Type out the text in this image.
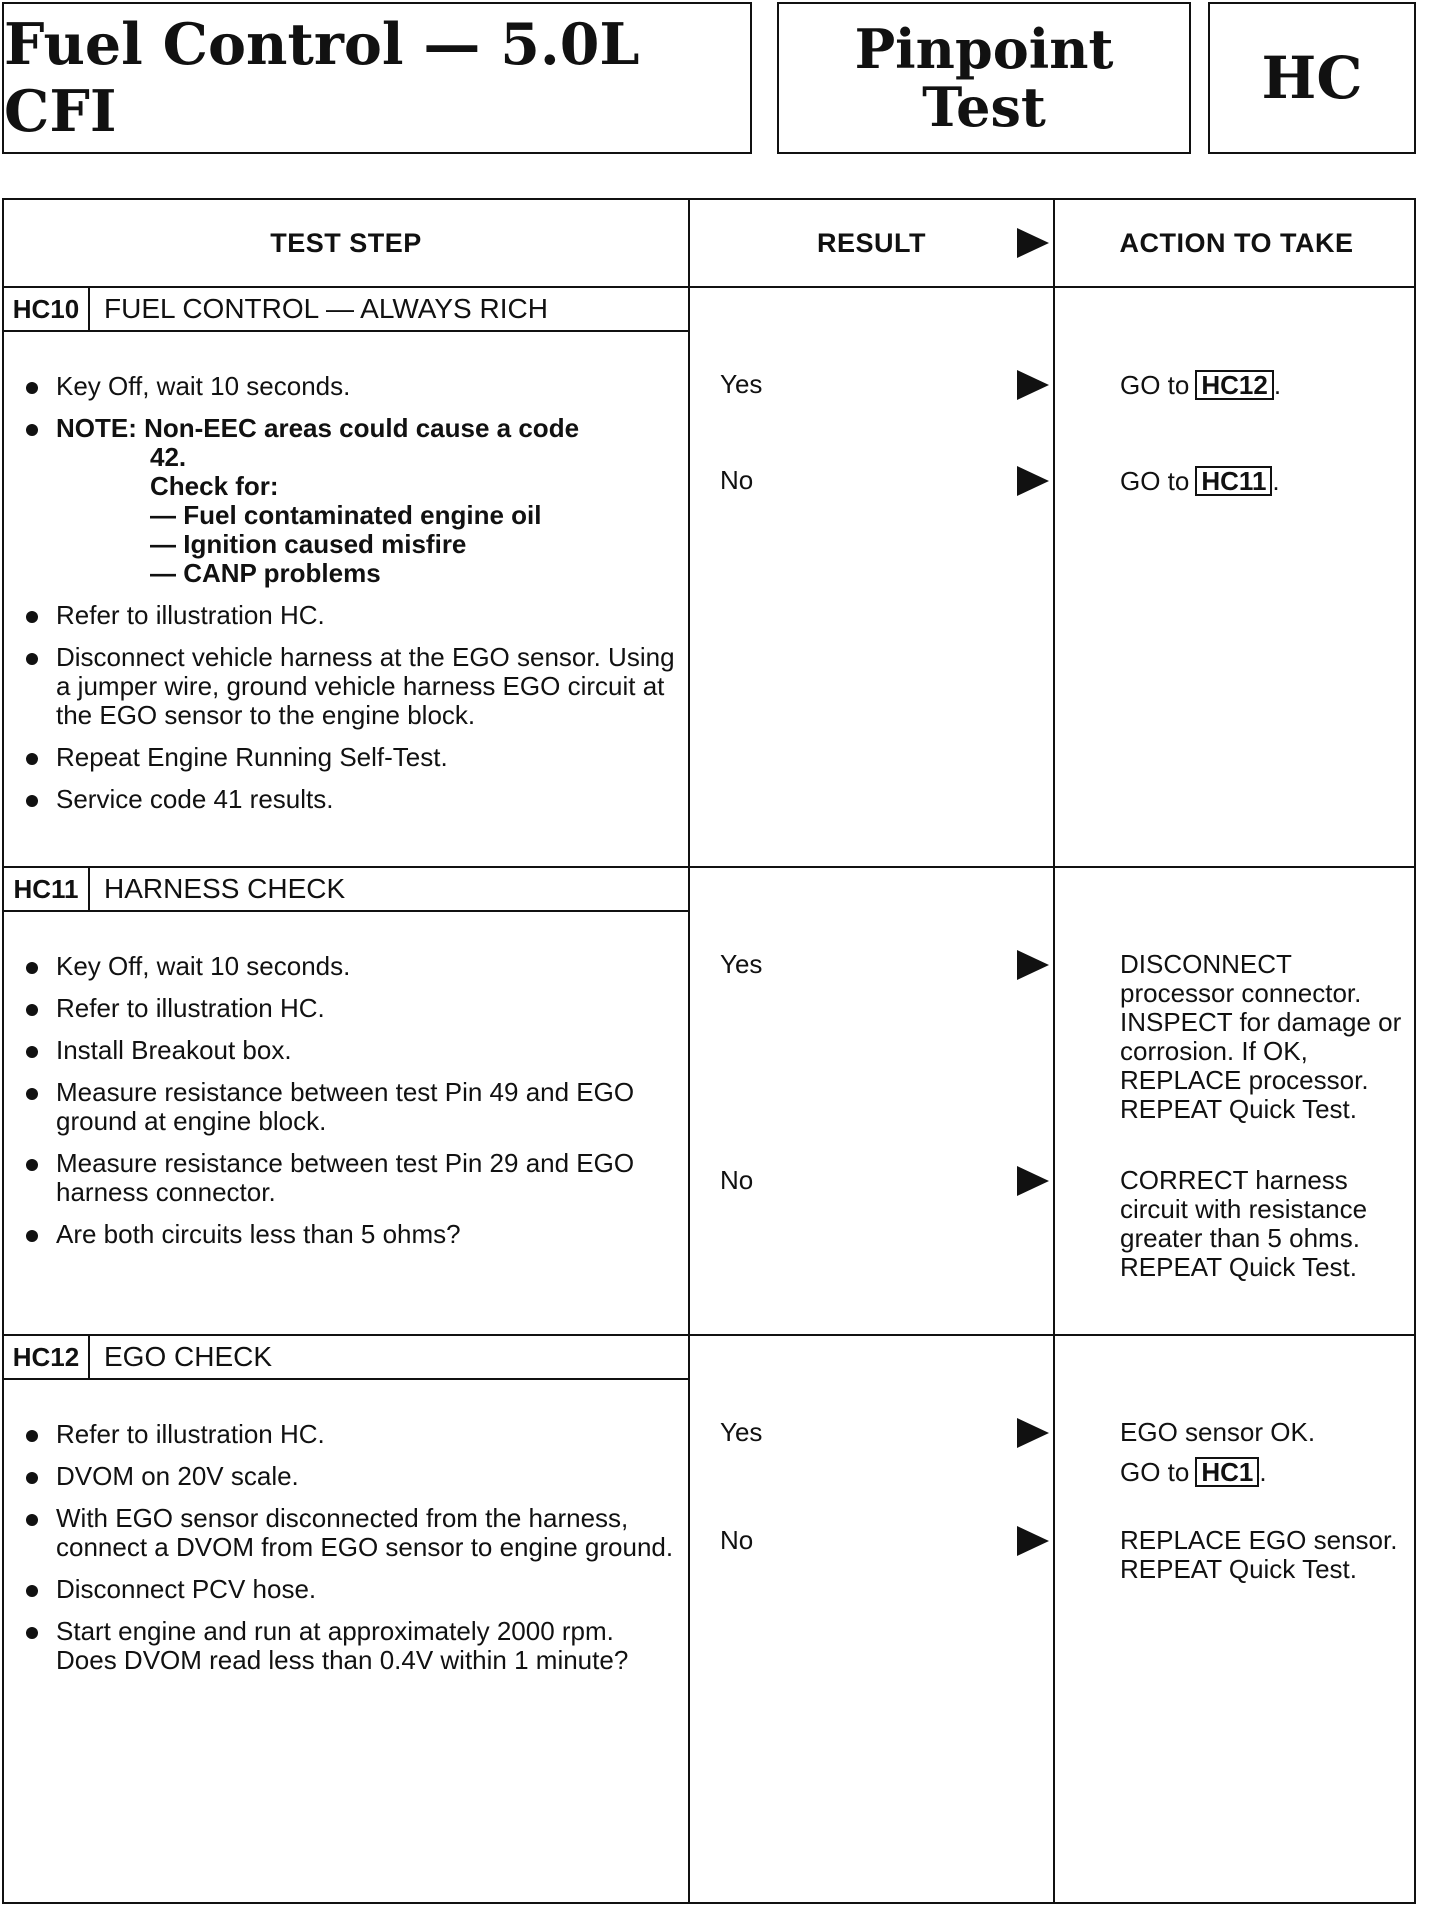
Fuel Control — 5.0L CFI
Pinpoint
Test	HC
TEST STEP	RESULT	ACTION TO TAKE
HC10 FUEL CONTROL — ALWAYS RICH
Key Off, wait 10 seconds.
NOTE: Non-EEC areas could cause a code
42.
Check for:
— Fuel contaminated engine oil
— Ignition caused misfire
— CANP problems
Refer to illustration HC.
Disconnect vehicle harness at the EGO sensor. Using a jumper wire, ground vehicle harness EGO circuit at the EGO sensor to the engine block.
Repeat Engine Running Self-Test.
Service code 41 results.
Yes	GO to HC12 .
No	GO to HC11 .
HC11 HARNESS CHECK
Key Off, wait 10 seconds.
Refer to illustration HC.
Install Breakout box.
Measure resistance between test Pin 49 and EGO ground at engine block.
Measure resistance between test Pin 29 and EGO harness connector.
Are both circuits less than 5 ohms?
Yes	DISCONNECT processor connector. INSPECT for damage or corrosion. If OK, REPLACE processor. REPEAT Quick Test.
No	CORRECT harness circuit with resistance greater than 5 ohms. REPEAT Quick Test.
HC12 EGO CHECK
Refer to illustration HC.
DVOM on 20V scale.
With EGO sensor disconnected from the harness, connect a DVOM from EGO sensor to engine ground.
Disconnect PCV hose.
Start engine and run at approximately 2000 rpm. Does DVOM read less than 0.4V within 1 minute?
Yes	EGO sensor OK.
GO to HC1 .
No	REPLACE EGO sensor. REPEAT Quick Test.
